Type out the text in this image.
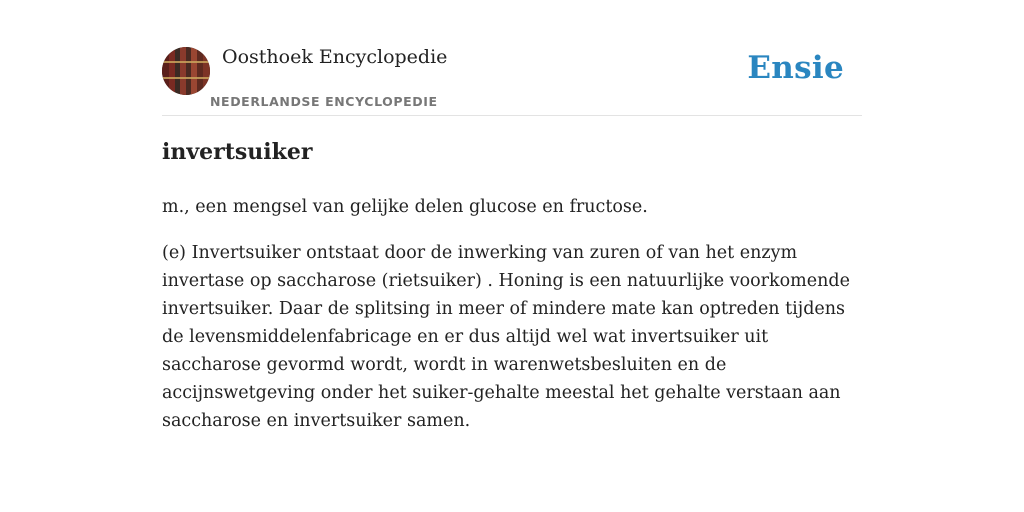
Oosthoek Encyclopedie
NEDERLANDSE ENCYCLOPEDIE
Ensie
invertsuiker

m., een mengsel van gelijke delen glucose en fructose.

(e) Invertsuiker ontstaat door de inwerking van zuren of van het enzym invertase op saccharose (rietsuiker) . Honing is een natuurlijke voorkomende invertsuiker. Daar de splitsing in meer of mindere mate kan optreden tijdens de levensmiddelenfabricage en er dus altijd wel wat invertsuiker uit saccharose gevormd wordt, wordt in warenwetsbesluiten en de accijnswetgeving onder het suiker-gehalte meestal het gehalte verstaan aan saccharose en invertsuiker samen.
